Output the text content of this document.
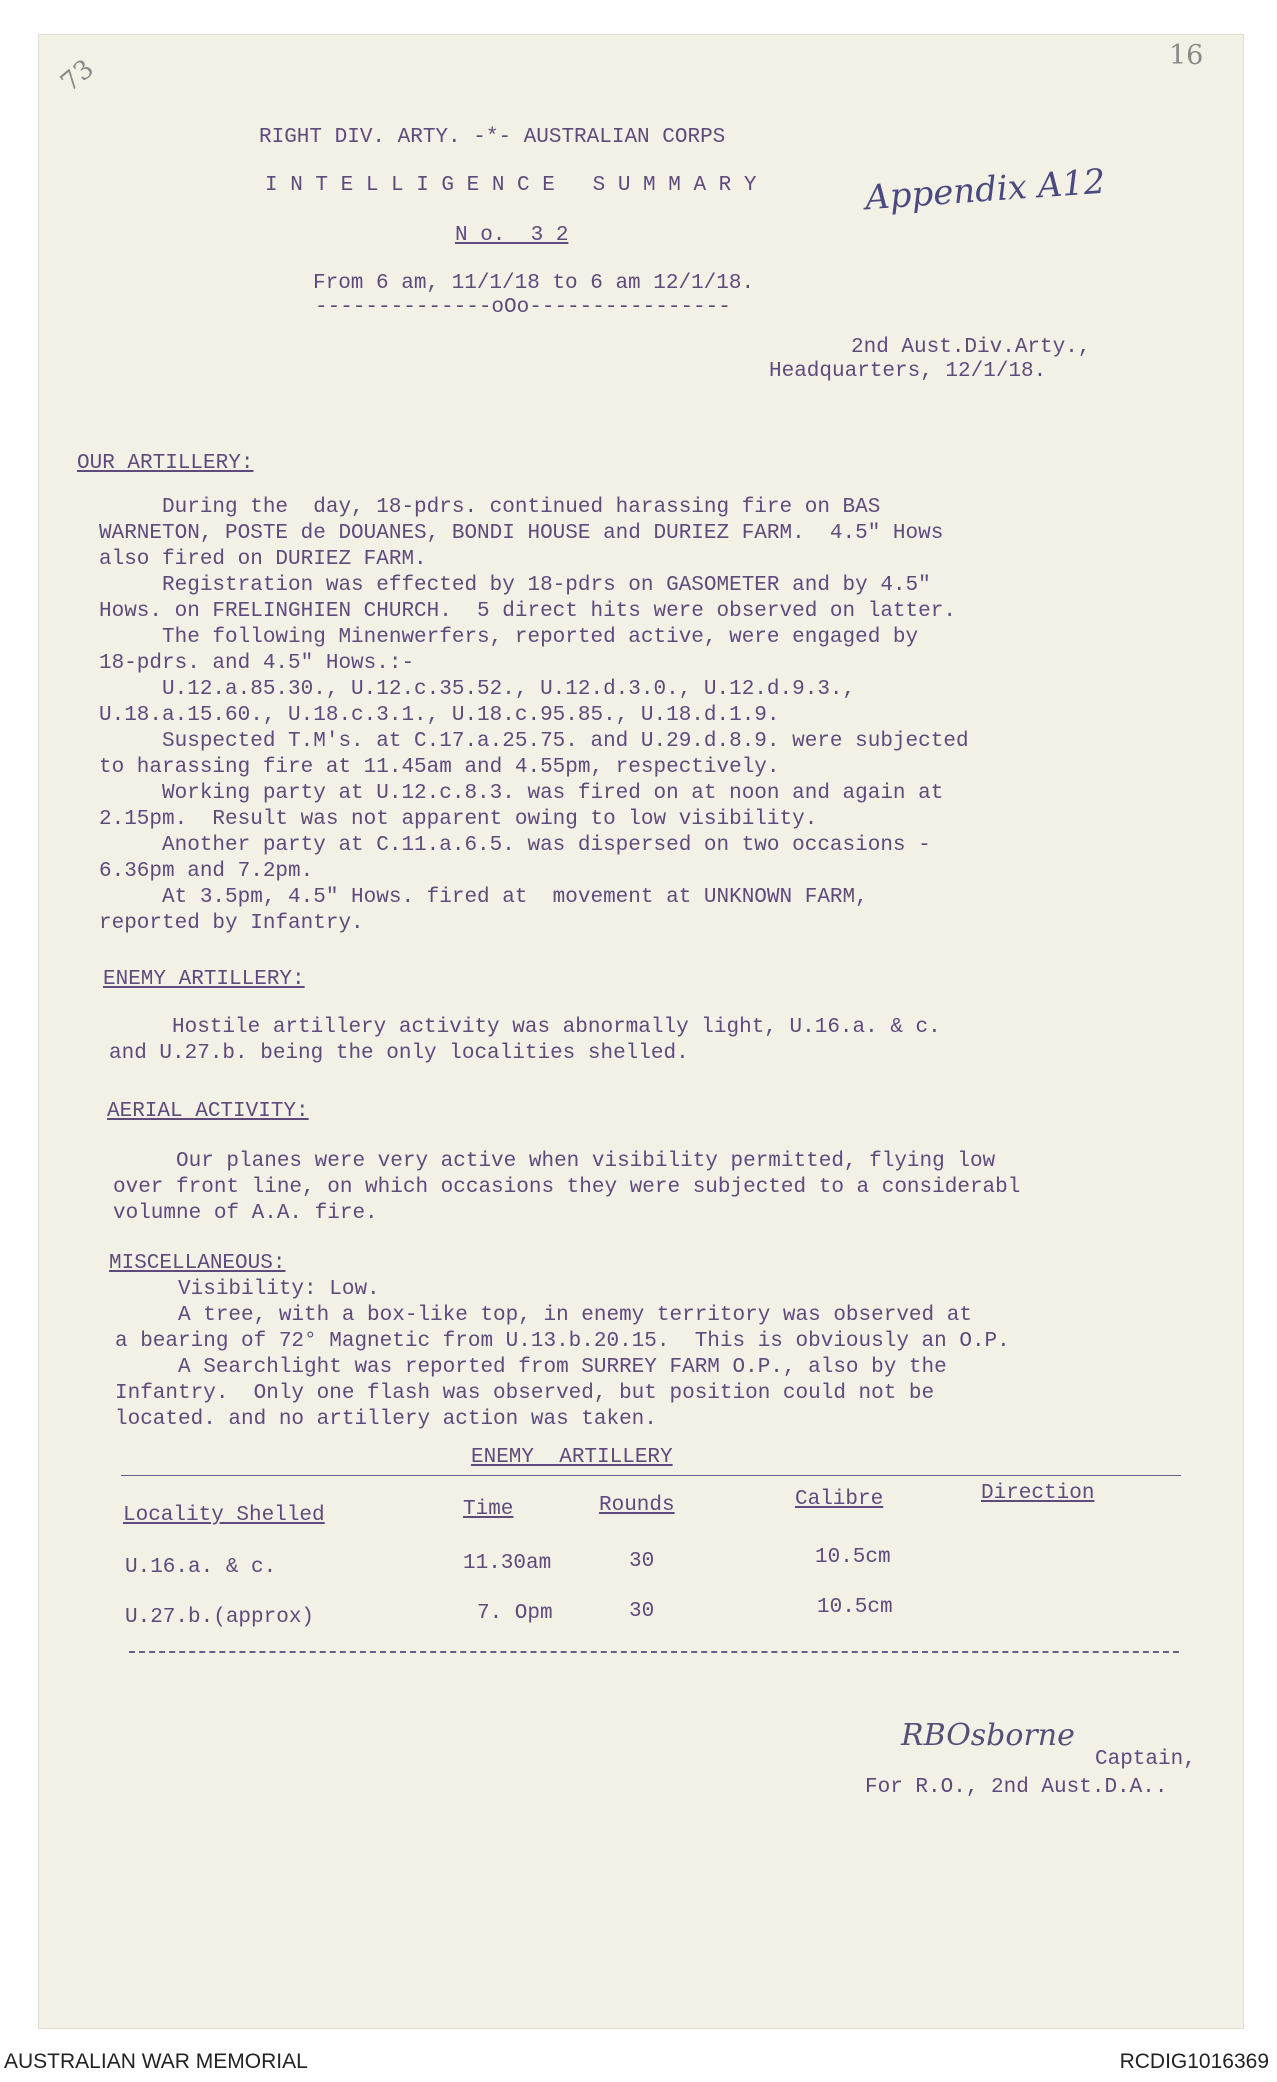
73	16
Appendix A12
RIGHT DIV. ARTY. -*- AUSTRALIAN CORPS
I N T E L L I G E N C E   S U M M A R Y
N o.  3 2
From 6 am, 11/1/18 to 6 am 12/1/18.
--------------oOo----------------
2nd Aust.Div.Arty.,
Headquarters, 12/1/18.
OUR ARTILLERY:
During the  day, 18-pdrs. continued harassing fire on BAS
WARNETON, POSTE de DOUANES, BONDI HOUSE and DURIEZ FARM.  4.5" Hows
also fired on DURIEZ FARM.
Registration was effected by 18-pdrs on GASOMETER and by 4.5"
Hows. on FRELINGHIEN CHURCH.  5 direct hits were observed on latter.
The following Minenwerfers, reported active, were engaged by
18-pdrs. and 4.5" Hows.:-
U.12.a.85.30., U.12.c.35.52., U.12.d.3.0., U.12.d.9.3.,
U.18.a.15.60., U.18.c.3.1., U.18.c.95.85., U.18.d.1.9.
Suspected T.M's. at C.17.a.25.75. and U.29.d.8.9. were subjected
to harassing fire at 11.45am and 4.55pm, respectively.
Working party at U.12.c.8.3. was fired on at noon and again at
2.15pm.  Result was not apparent owing to low visibility.
Another party at C.11.a.6.5. was dispersed on two occasions -
6.36pm and 7.2pm.
At 3.5pm, 4.5" Hows. fired at  movement at UNKNOWN FARM,
reported by Infantry.
ENEMY ARTILLERY:
Hostile artillery activity was abnormally light, U.16.a. & c.
and U.27.b. being the only localities shelled.
AERIAL ACTIVITY:
Our planes were very active when visibility permitted, flying low
over front line, on which occasions they were subjected to a considerabl
volumne of A.A. fire.
MISCELLANEOUS:
Visibility: Low.
A tree, with a box-like top, in enemy territory was observed at
a bearing of 72° Magnetic from U.13.b.20.15.  This is obviously an O.P.
A Searchlight was reported from SURREY FARM O.P., also by the
Infantry.  Only one flash was observed, but position could not be
located. and no artillery action was taken.
ENEMY  ARTILLERY
Locality Shelled	Time	Rounds	Calibre	Direction
U.16.a. & c.	11.30am	30	10.5cm
U.27.b.(approx)	7. Opm	30	10.5cm
RBOsborne
Captain,
For R.O., 2nd Aust.D.A..
AUSTRALIAN WAR MEMORIAL	RCDIG1016369
